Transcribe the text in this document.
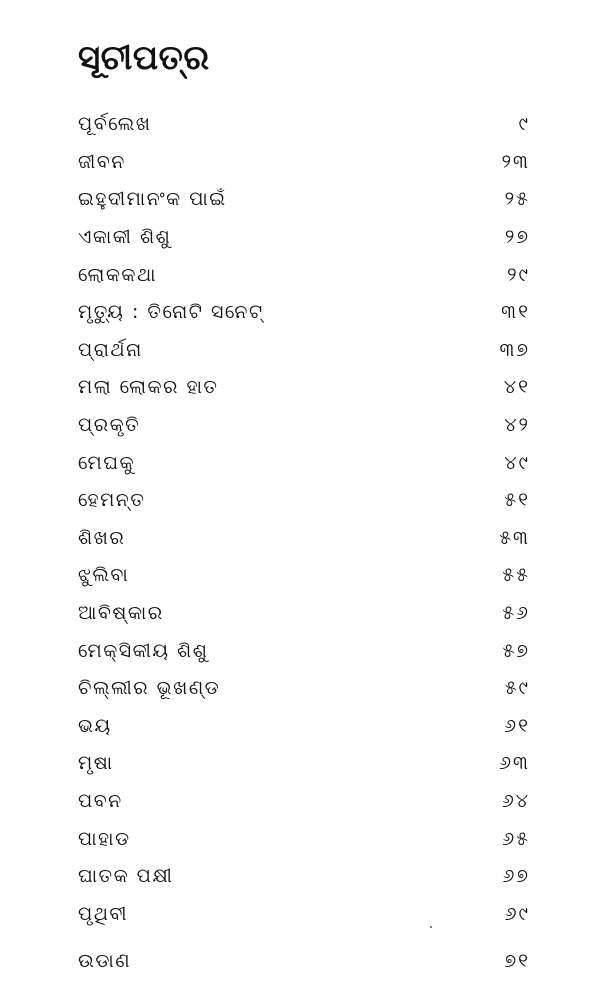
ସୂଚୀପତ୍ର
ପୂର୍ବଲେଖ	୯
ଜୀବନ	୨୩
ଇହୁଦୀମାନଂକ ପାଇଁ	୨୫
ଏକାକୀ ଶିଶୁ	୨୭
ଲୋକକଥା	୨୯
ମୃତ୍ୟୁ : ତିନୋଟି ସନେଟ୍	୩୧
ପ୍ରାର୍ଥନା	୩୭
ମଲା ଲୋକର ହାତ	୪୧
ପ୍ରକୃତି	୪୨
ମେଘକୁ	୪୯
ହେମନ୍ତ	୫୧
ଶିଖର	୫୩
ଝୁଲିବା	୫୫
ଆବିଷ୍କାର	୫୬
ମେକ୍‌ସିକୀୟ ଶିଶୁ	୫୭
ଚିଲ୍ଲୀର ଭୂଖଣ୍ଡ	୫୯
ଭୟ	୬୧
ମୃଷା	୬୩
ପବନ	୬୪
ପାହାଡ	୬୫
ଘାତକ ପକ୍ଷୀ	୬୭
ପୃଥିବୀ	୬୯
ଉଡାଣ	୭୧
